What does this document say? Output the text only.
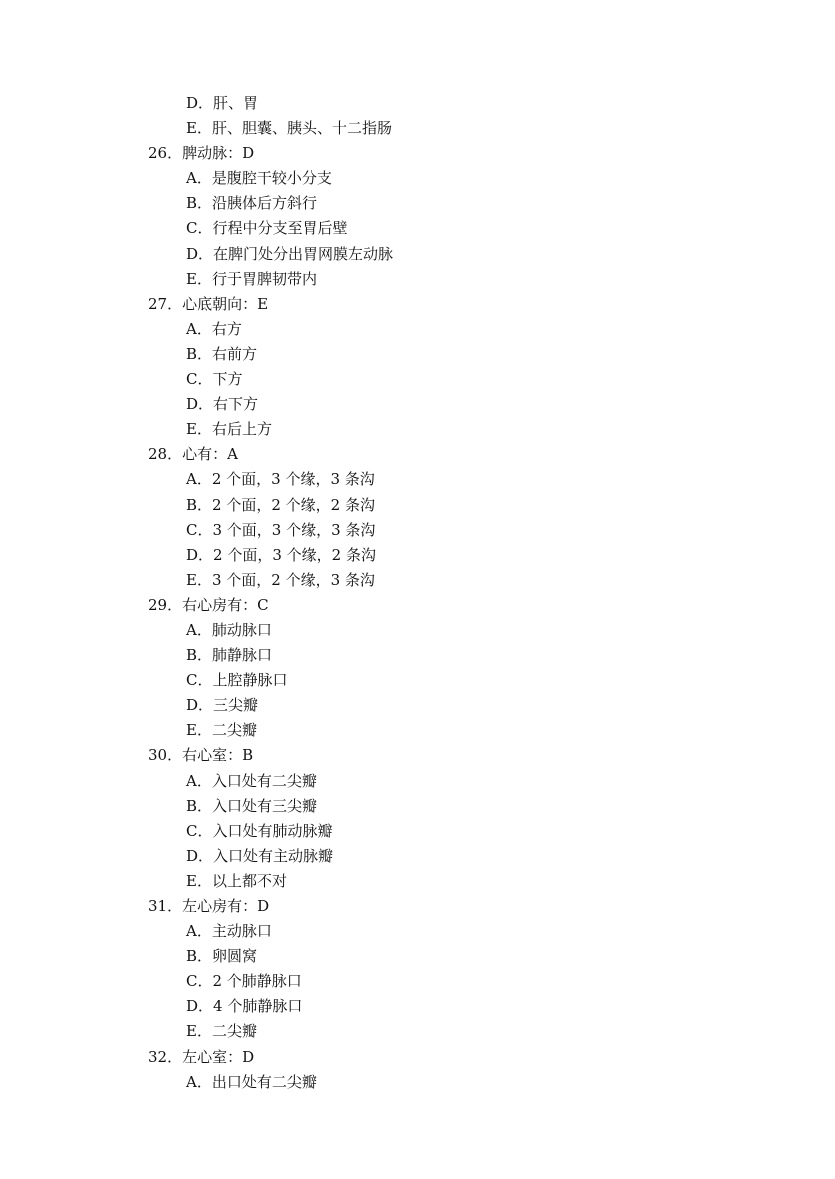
D．肝、胃
E．肝、胆囊、胰头、十二指肠
26．脾动脉：D
A．是腹腔干较小分支
B．沿胰体后方斜行
C．行程中分支至胃后壁
D．在脾门处分出胃网膜左动脉
E．行于胃脾韧带内
27．心底朝向：E
A．右方
B．右前方
C．下方
D．右下方
E．右后上方
28．心有：A
A．2 个面，3 个缘，3 条沟
B．2 个面，2 个缘，2 条沟
C．3 个面，3 个缘，3 条沟
D．2 个面，3 个缘，2 条沟
E．3 个面，2 个缘，3 条沟
29．右心房有：C
A．肺动脉口
B．肺静脉口
C．上腔静脉口
D．三尖瓣
E．二尖瓣
30．右心室：B
A．入口处有二尖瓣
B．入口处有三尖瓣
C．入口处有肺动脉瓣
D．入口处有主动脉瓣
E．以上都不对
31．左心房有：D
A．主动脉口
B．卵圆窝
C．2 个肺静脉口
D．4 个肺静脉口
E．二尖瓣
32．左心室：D
A．出口处有二尖瓣
